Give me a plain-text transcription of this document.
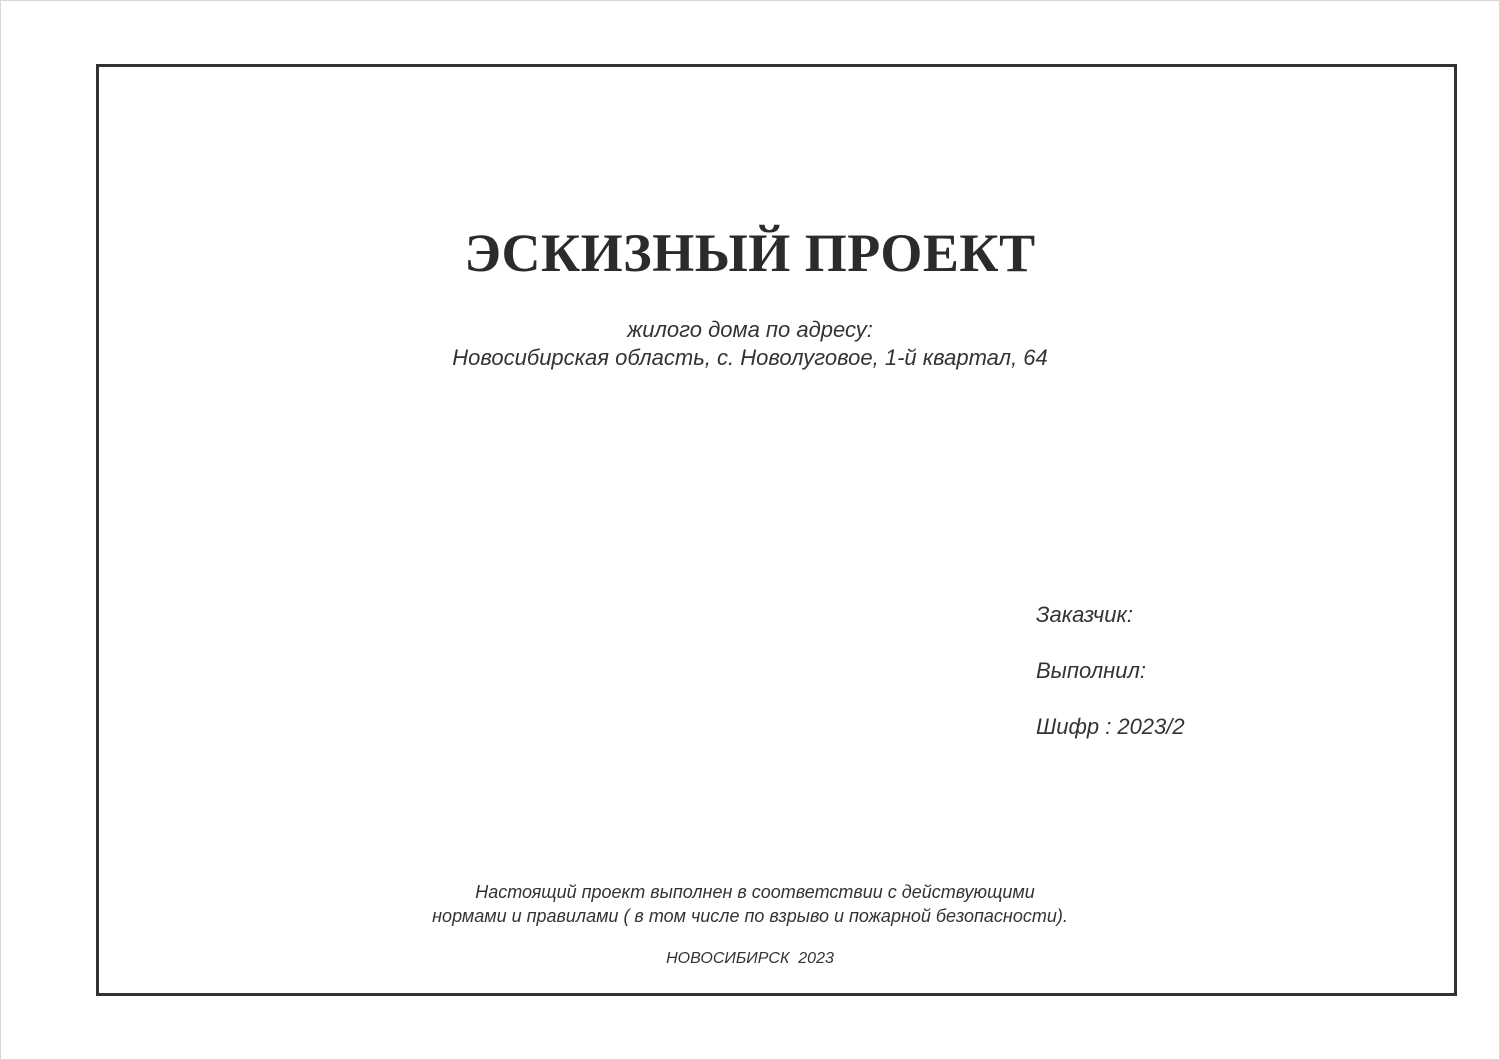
ЭСКИЗНЫЙ ПРОЕКТ
жилого дома по адресу:
Новосибирская область, с. Новолуговое, 1-й квартал, 64
Заказчик:
Выполнил:
Шифр : 2023/2
Настоящий проект выполнен в соответствии с действующими
нормами и правилами ( в том числе по взрыво и пожарной безопасности).
НОВОСИБИРСК  2023
